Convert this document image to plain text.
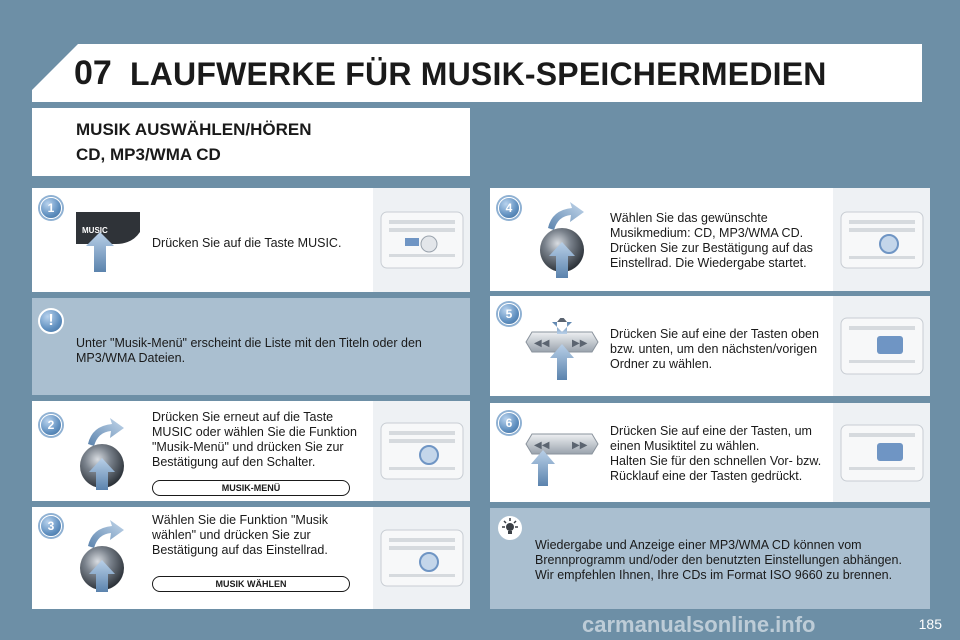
07 LAUFWERKE FÜR MUSIK-SPEICHERMEDIEN
MUSIK AUSWÄHLEN/HÖREN
CD, MP3/WMA CD
1
MUSIC
Drücken Sie auf die Taste MUSIC.
!
Unter "Musik-Menü" erscheint die Liste mit den Titeln oder den
MP3/WMA Dateien.
2
Drücken Sie erneut auf die Taste
MUSIC oder wählen Sie die Funktion
"Musik-Menü" und drücken Sie zur
Bestätigung auf den Schalter.
MUSIK-MENÜ
3	Wählen Sie die Funktion "Musik
wählen" und drücken Sie zur
Bestätigung auf das Einstellrad.
MUSIK WÄHLEN
4
Wählen Sie das gewünschte
Musikmedium: CD, MP3/WMA CD.
Drücken Sie zur Bestätigung auf das
Einstellrad. Die Wiedergabe startet.
5
◀◀ ▶▶
Drücken Sie auf eine der Tasten oben
bzw. unten, um den nächsten/vorigen
Ordner zu wählen.
6
◀◀ ▶▶
Drücken Sie auf eine der Tasten, um
einen Musiktitel zu wählen.
Halten Sie für den schnellen Vor- bzw.
Rücklauf eine der Tasten gedrückt.
Wiedergabe und Anzeige einer MP3/WMA CD können vom
Brennprogramm und/oder den benutzten Einstellungen abhängen.
Wir empfehlen Ihnen, Ihre CDs im Format ISO 9660 zu brennen.
carmanualsonline.info	185
